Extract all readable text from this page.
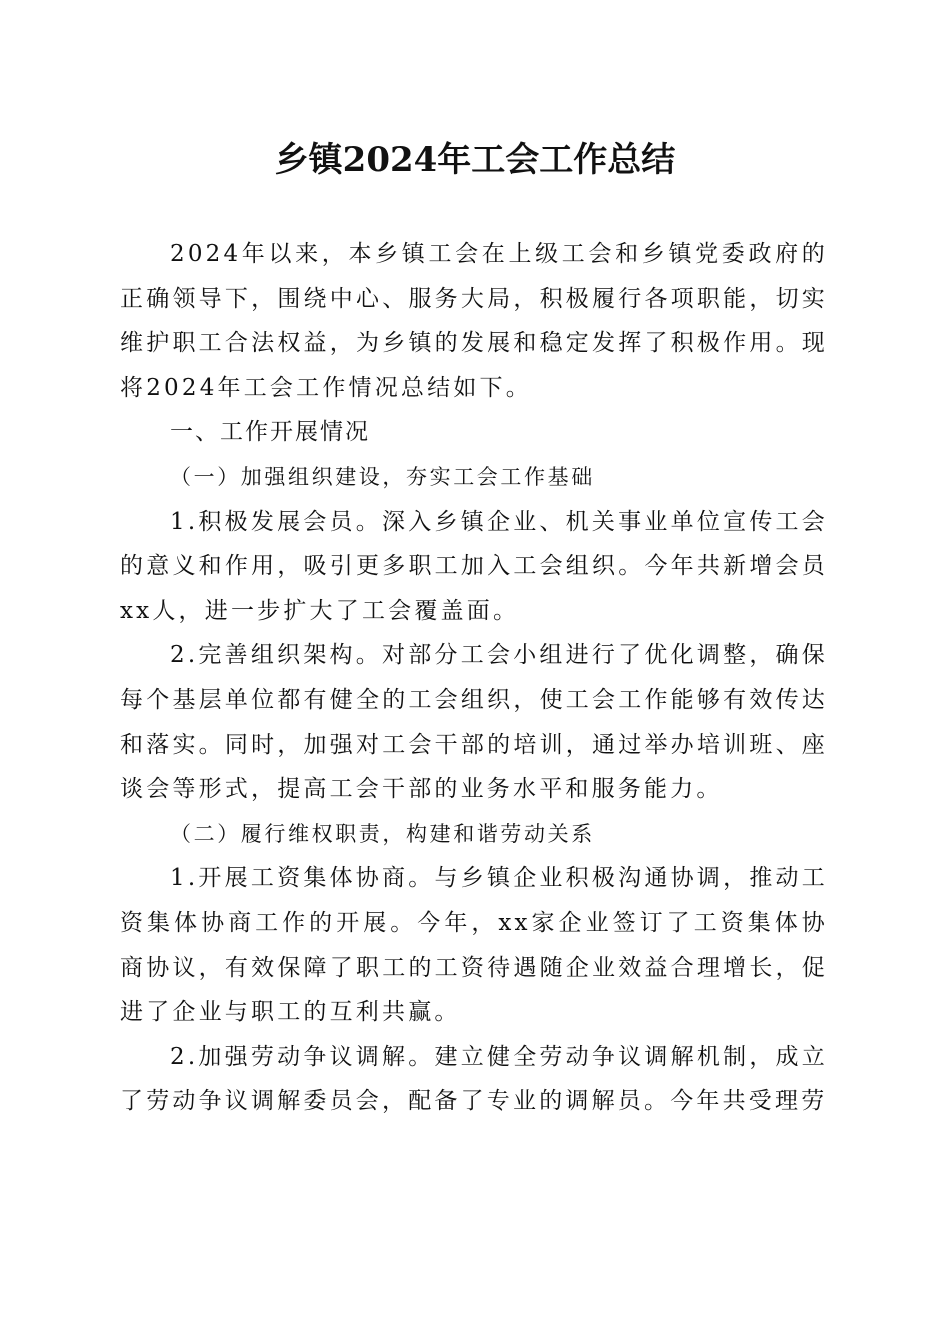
乡镇2024年工会工作总结

2024年以来，本乡镇工会在上级工会和乡镇党委政府的正确领导下，围绕中心、服务大局，积极履行各项职能，切实维护职工合法权益，为乡镇的发展和稳定发挥了积极作用。现将2024年工会工作情况总结如下。

一、工作开展情况

（一）加强组织建设，夯实工会工作基础

1.积极发展会员。深入乡镇企业、机关事业单位宣传工会的意义和作用，吸引更多职工加入工会组织。今年共新增会员xx人，进一步扩大了工会覆盖面。

2.完善组织架构。对部分工会小组进行了优化调整，确保每个基层单位都有健全的工会组织，使工会工作能够有效传达和落实。同时，加强对工会干部的培训，通过举办培训班、座谈会等形式，提高工会干部的业务水平和服务能力。

（二）履行维权职责，构建和谐劳动关系

1.开展工资集体协商。与乡镇企业积极沟通协调，推动工资集体协商工作的开展。今年，xx家企业签订了工资集体协商协议，有效保障了职工的工资待遇随企业效益合理增长，促进了企业与职工的互利共赢。

2.加强劳动争议调解。建立健全劳动争议调解机制，成立了劳动争议调解委员会，配备了专业的调解员。今年共受理劳
